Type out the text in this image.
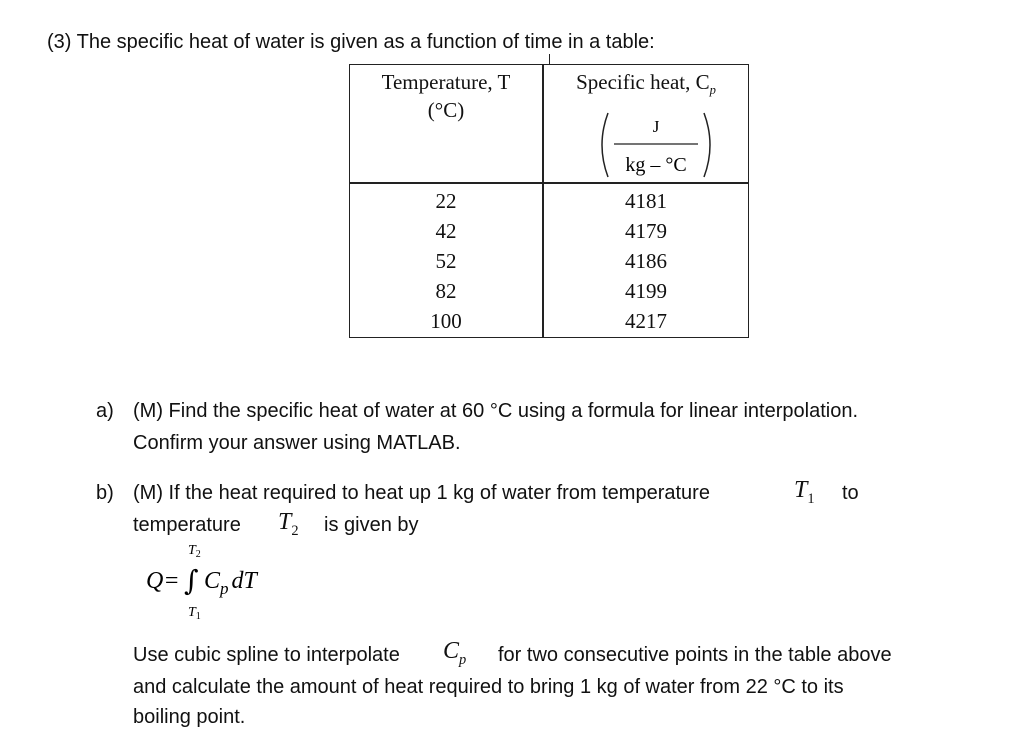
(3) The specific heat of water is given as a function of time in a table:
Temperature, T
(°C)
Specific heat, $C_p$
J
kg – °C
22
42
52
82
100
4181
4179
4186
4199
4217
a) (M) Find the specific heat of water at 60 °C using a formula for linear interpolation.
Confirm your answer using MATLAB.
b) (M) If the heat required to heat up 1 kg of water from temperature	$T_1$ to
temperature $T_2$ is given by
$T_2$
Q= ∫ $C_p$ dT
$T_1$
Use cubic spline to interpolate $C_p$ for two consecutive points in the table above
and calculate the amount of heat required to bring 1 kg of water from 22 °C to its
boiling point.
